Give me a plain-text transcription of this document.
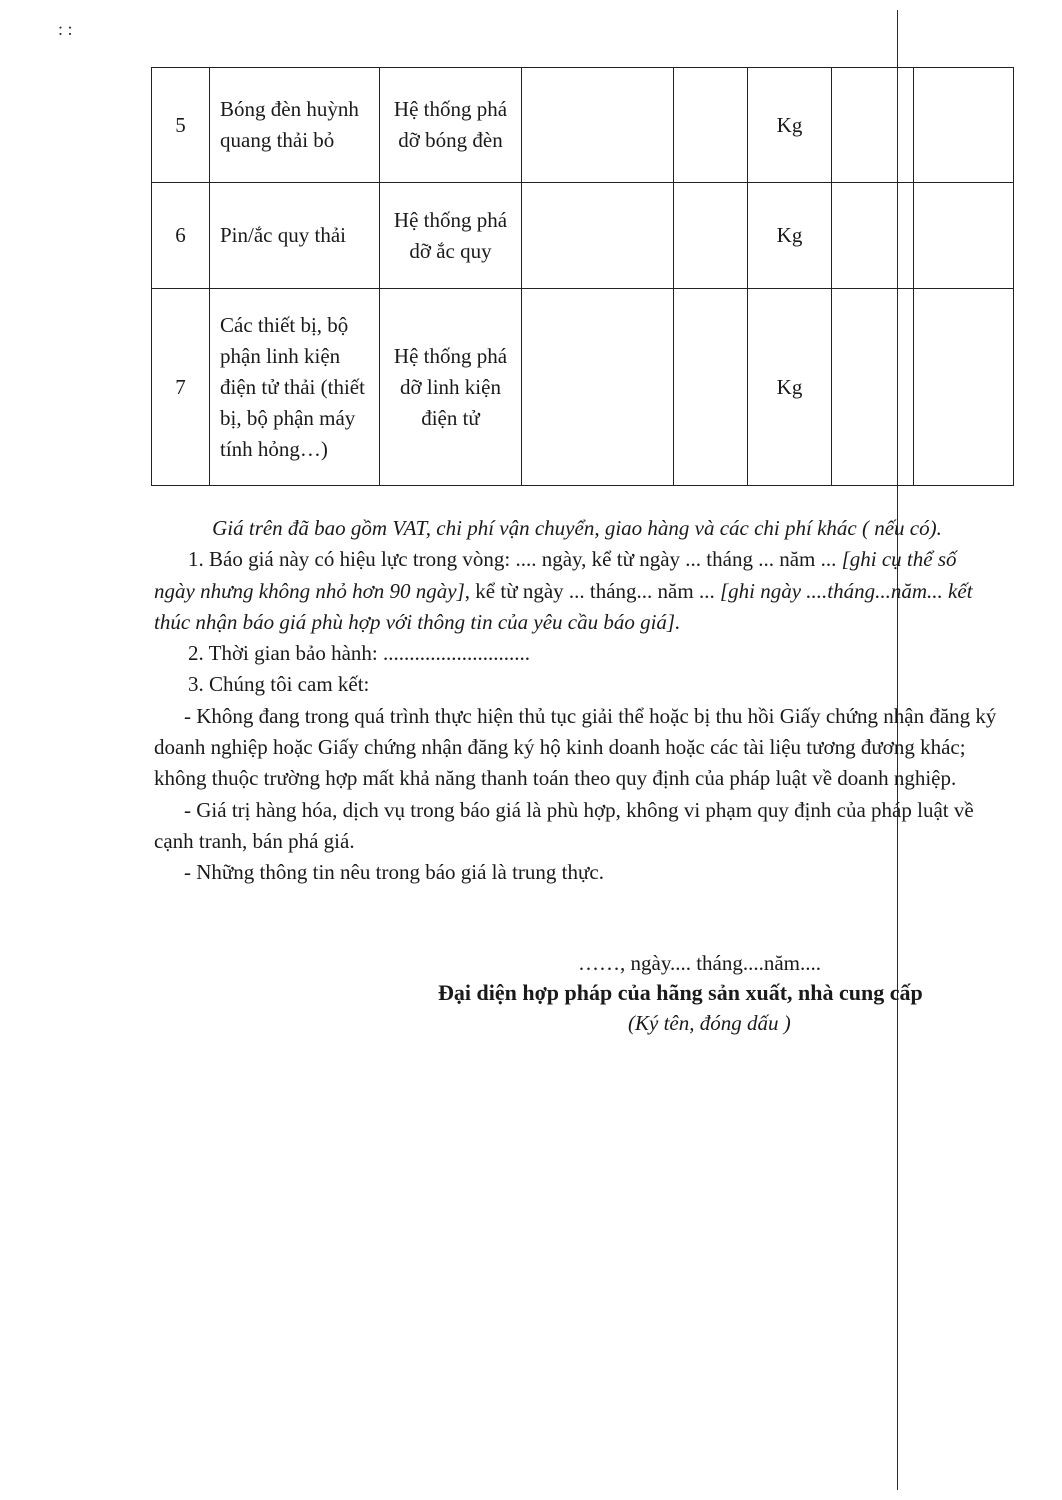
: :
5	Bóng đèn huỳnh quang thải bỏ	Hệ thống phá dỡ bóng đèn			Kg		
6	Pin/ắc quy thải	Hệ thống phá dỡ ắc quy			Kg		
7	Các thiết bị, bộ phận linh kiện điện tử thải (thiết bị, bộ phận máy tính hỏng…)	Hệ thống phá dỡ linh kiện điện tử			Kg		

Giá trên đã bao gồm VAT, chi phí vận chuyển, giao hàng và các chi phí khác ( nếu có).

1. Báo giá này có hiệu lực trong vòng: .... ngày, kể từ ngày ... tháng ... năm ... [ghi cụ thể số ngày nhưng không nhỏ hơn 90 ngày], kể từ ngày ... tháng... năm ... [ghi ngày ....tháng...năm... kết thúc nhận báo giá phù hợp với thông tin của yêu cầu báo giá].

2. Thời gian bảo hành: ............................

3. Chúng tôi cam kết:

- Không đang trong quá trình thực hiện thủ tục giải thể hoặc bị thu hồi Giấy chứng nhận đăng ký doanh nghiệp hoặc Giấy chứng nhận đăng ký hộ kinh doanh hoặc các tài liệu tương đương khác; không thuộc trường hợp mất khả năng thanh toán theo quy định của pháp luật về doanh nghiệp.

- Giá trị hàng hóa, dịch vụ trong báo giá là phù hợp, không vi phạm quy định của pháp luật về cạnh tranh, bán phá giá.

- Những thông tin nêu trong báo giá là trung thực.

……, ngày.... tháng....năm....
Đại diện hợp pháp của hãng sản xuất, nhà cung cấp
(Ký tên, đóng dấu )
